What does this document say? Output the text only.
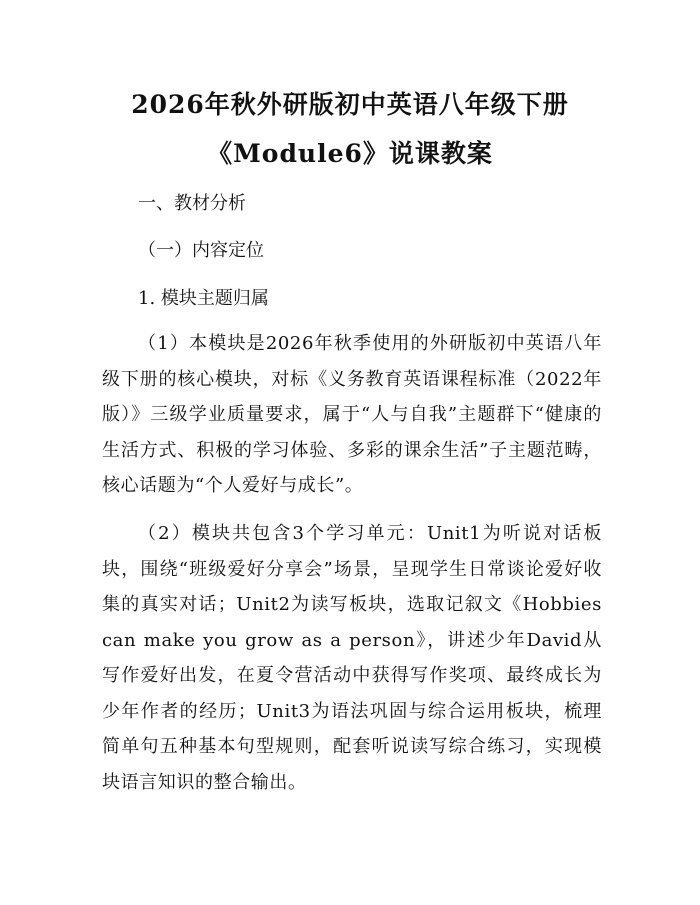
2026年秋外研版初中英语八年级下册
《Module6》说课教案
一、教材分析
（一）内容定位
1. 模块主题归属
（1）本模块是2026年秋季使用的外研版初中英语八年级下册的核心模块，对标《义务教育英语课程标准（2022年版）》三级学业质量要求，属于“人与自我”主题群下“健康的生活方式、积极的学习体验、多彩的课余生活”子主题范畴，核心话题为“个人爱好与成长”。
（2）模块共包含3个学习单元：Unit1为听说对话板块，围绕“班级爱好分享会”场景，呈现学生日常谈论爱好收集的真实对话；Unit2为读写板块，选取记叙文《Hobbies can make you grow as a person》，讲述少年David从写作爱好出发，在夏令营活动中获得写作奖项、最终成长为少年作者的经历；Unit3为语法巩固与综合运用板块，梳理简单句五种基本句型规则，配套听说读写综合练习，实现模块语言知识的整合输出。
